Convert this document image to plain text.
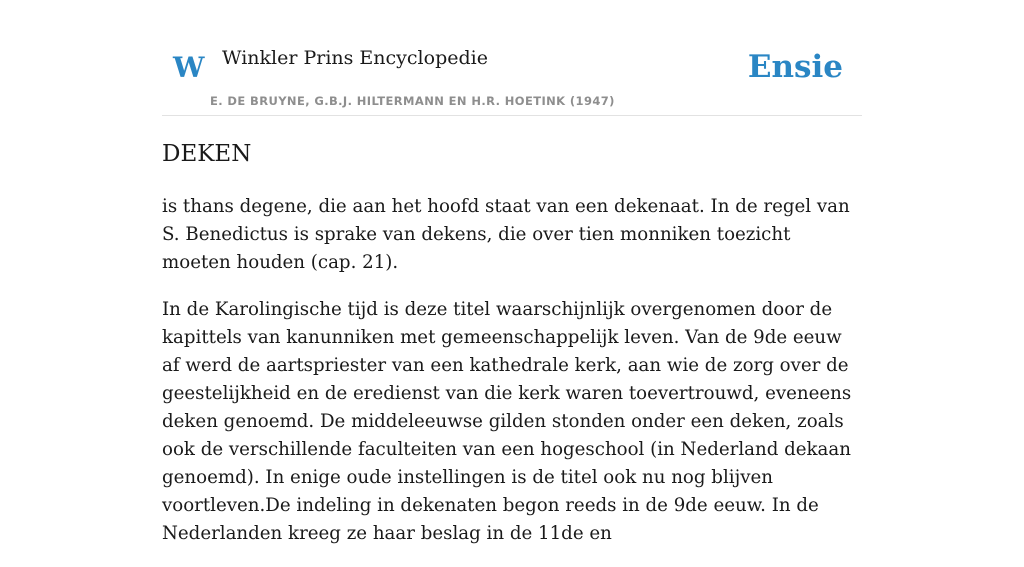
W Winkler Prins Encyclopedie
E. DE BRUYNE, G.B.J. HILTERMANN EN H.R. HOETINK (1947)
Ensie
DEKEN

is thans degene, die aan het hoofd staat van een dekenaat. In de regel van S. Benedictus is sprake van dekens, die over tien monniken toezicht moeten houden (cap. 21).

In de Karolingische tijd is deze titel waarschijnlijk overgenomen door de kapittels van kanunniken met gemeenschappelijk leven. Van de 9de eeuw af werd de aartspriester van een kathedrale kerk, aan wie de zorg over de geestelijkheid en de eredienst van die kerk waren toevertrouwd, eveneens deken genoemd. De middeleeuwse gilden stonden onder een deken, zoals ook de verschillende faculteiten van een hogeschool (in Nederland dekaan genoemd). In enige oude instellingen is de titel ook nu nog blijven voortleven.De indeling in dekenaten begon reeds in de 9de eeuw. In de Nederlanden kreeg ze haar beslag in de 11de en
